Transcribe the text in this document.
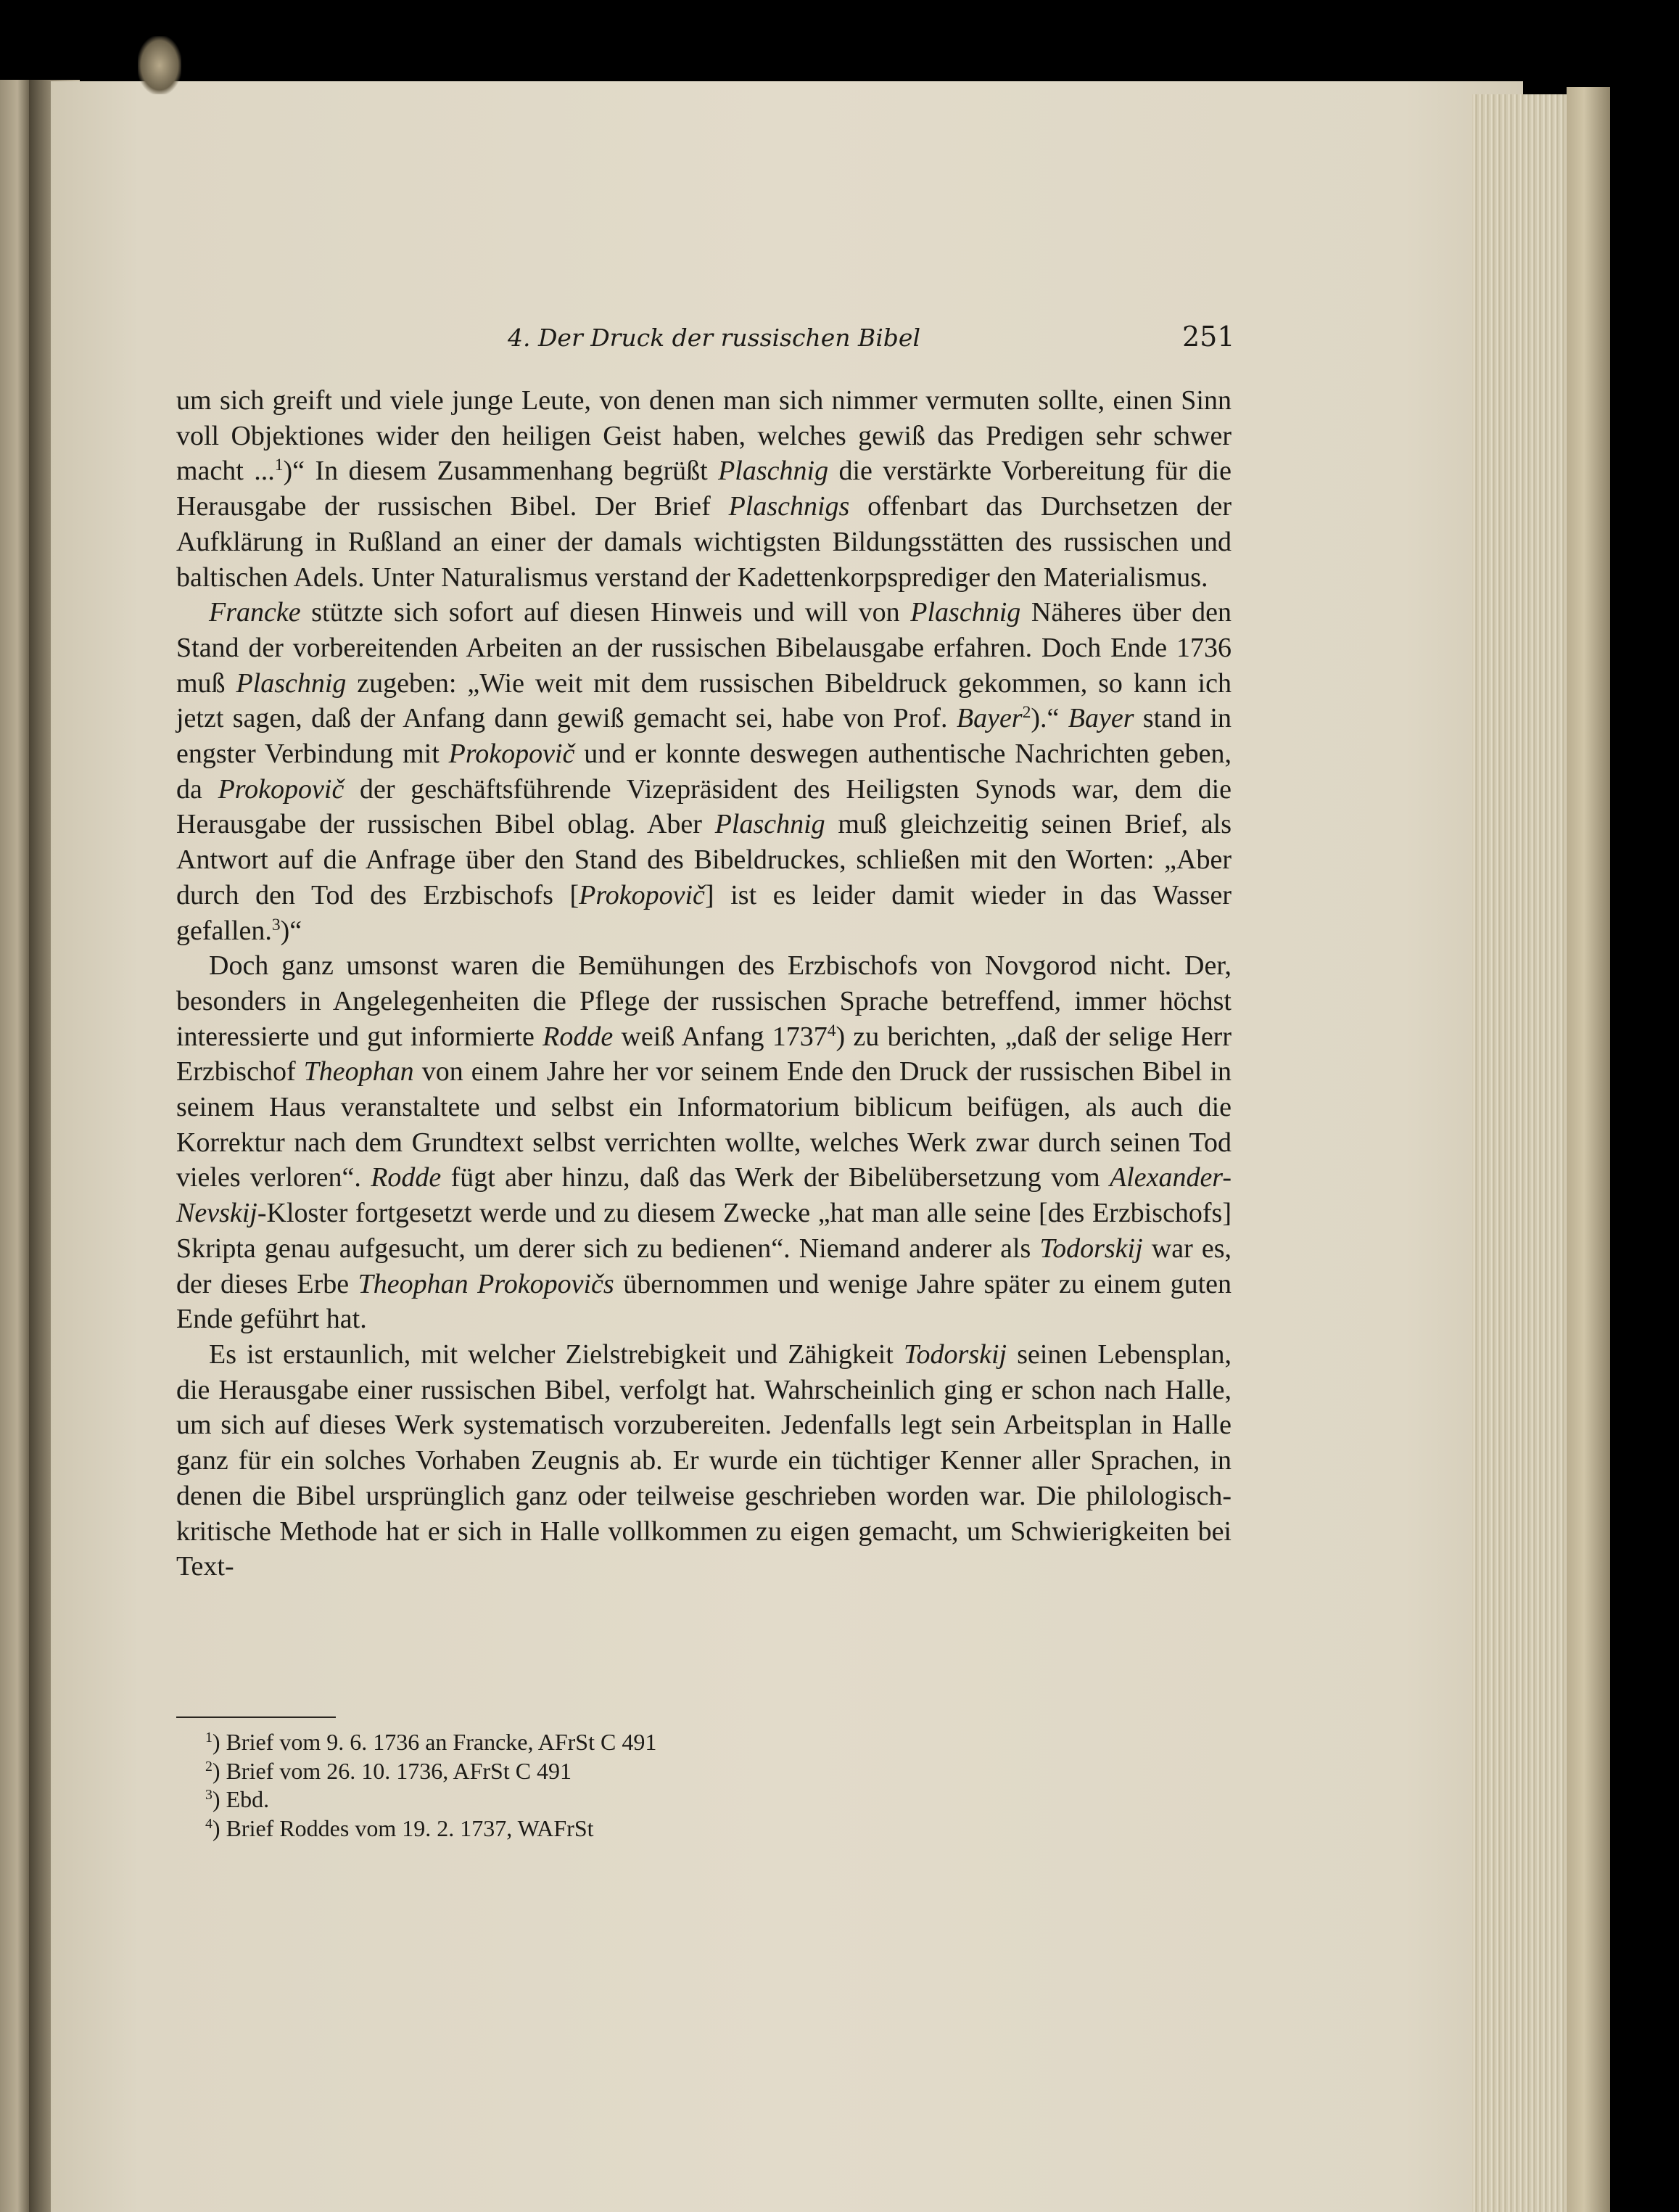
4. Der Druck der russischen Bibel	251

um sich greift und viele junge Leute, von denen man sich nimmer vermuten sollte, einen Sinn voll Objektiones wider den heiligen Geist haben, welches gewiß das Predigen sehr schwer macht ...$^1$)“ In diesem Zusammenhang begrüßt Plaschnig die verstärkte Vorbereitung für die Herausgabe der russischen Bibel. Der Brief Plaschnigs offenbart das Durchsetzen der Aufklärung in Rußland an einer der damals wichtigsten Bildungsstätten des russischen und baltischen Adels. Unter Naturalismus verstand der Kadettenkorpsprediger den Materialismus.

Francke stützte sich sofort auf diesen Hinweis und will von Plaschnig Näheres über den Stand der vorbereitenden Arbeiten an der russischen Bibelausgabe erfahren. Doch Ende 1736 muß Plaschnig zugeben: „Wie weit mit dem russischen Bibeldruck gekommen, so kann ich jetzt sagen, daß der Anfang dann gewiß gemacht sei, habe von Prof. Bayer$^2$).“ Bayer stand in engster Verbindung mit Prokopovič und er konnte deswegen authentische Nachrichten geben, da Prokopovič der geschäftsführende Vizepräsident des Heiligsten Synods war, dem die Herausgabe der russischen Bibel oblag. Aber Plaschnig muß gleichzeitig seinen Brief, als Antwort auf die Anfrage über den Stand des Bibeldruckes, schließen mit den Worten: „Aber durch den Tod des Erzbischofs [Prokopovič] ist es leider damit wieder in das Wasser gefallen.$^3$)“

Doch ganz umsonst waren die Bemühungen des Erzbischofs von Novgorod nicht. Der, besonders in Angelegenheiten die Pflege der russischen Sprache betreffend, immer höchst interessierte und gut informierte Rodde weiß Anfang 1737$^4$) zu berichten, „daß der selige Herr Erzbischof Theophan von einem Jahre her vor seinem Ende den Druck der russischen Bibel in seinem Haus veranstaltete und selbst ein Informatorium biblicum beifügen, als auch die Korrektur nach dem Grundtext selbst verrichten wollte, welches Werk zwar durch seinen Tod vieles verloren“. Rodde fügt aber hinzu, daß das Werk der Bibelübersetzung vom Alexander-Nevskij-Kloster fortgesetzt werde und zu diesem Zwecke „hat man alle seine [des Erzbischofs] Skripta genau aufgesucht, um derer sich zu bedienen“. Niemand anderer als Todorskij war es, der dieses Erbe Theophan Prokopovičs übernommen und wenige Jahre später zu einem guten Ende geführt hat.

Es ist erstaunlich, mit welcher Zielstrebigkeit und Zähigkeit Todorskij seinen Lebensplan, die Herausgabe einer russischen Bibel, verfolgt hat. Wahrscheinlich ging er schon nach Halle, um sich auf dieses Werk systematisch vorzubereiten. Jedenfalls legt sein Arbeitsplan in Halle ganz für ein solches Vorhaben Zeugnis ab. Er wurde ein tüchtiger Kenner aller Sprachen, in denen die Bibel ursprünglich ganz oder teilweise geschrieben worden war. Die philologisch-kritische Methode hat er sich in Halle vollkommen zu eigen gemacht, um Schwierigkeiten bei Text-

$^1$) Brief vom 9. 6. 1736 an Francke, AFrSt C 491
$^2$) Brief vom 26. 10. 1736, AFrSt C 491
$^3$) Ebd.
$^4$) Brief Roddes vom 19. 2. 1737, WAFrSt
